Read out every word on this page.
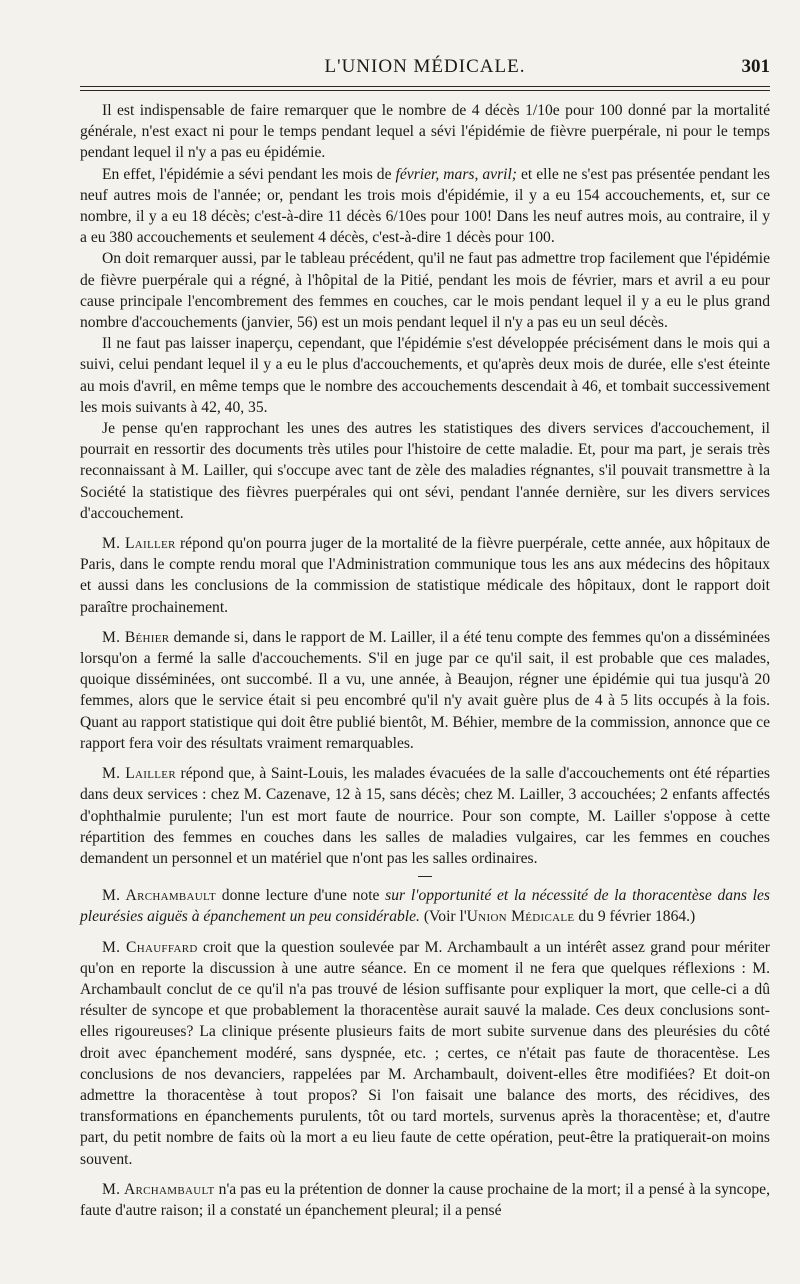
L'UNION MÉDICALE.	301

Il est indispensable de faire remarquer que le nombre de 4 décès 1/10e pour 100 donné par la mortalité générale, n'est exact ni pour le temps pendant lequel a sévi l'épidémie de fièvre puerpérale, ni pour le temps pendant lequel il n'y a pas eu épidémie.

En effet, l'épidémie a sévi pendant les mois de février, mars, avril; et elle ne s'est pas présentée pendant les neuf autres mois de l'année; or, pendant les trois mois d'épidémie, il y a eu 154 accouchements, et, sur ce nombre, il y a eu 18 décès; c'est-à-dire 11 décès 6/10es pour 100! Dans les neuf autres mois, au contraire, il y a eu 380 accouchements et seulement 4 décès, c'est-à-dire 1 décès pour 100.

On doit remarquer aussi, par le tableau précédent, qu'il ne faut pas admettre trop facilement que l'épidémie de fièvre puerpérale qui a régné, à l'hôpital de la Pitié, pendant les mois de février, mars et avril a eu pour cause principale l'encombrement des femmes en couches, car le mois pendant lequel il y a eu le plus grand nombre d'accouchements (janvier, 56) est un mois pendant lequel il n'y a pas eu un seul décès.

Il ne faut pas laisser inaperçu, cependant, que l'épidémie s'est développée précisément dans le mois qui a suivi, celui pendant lequel il y a eu le plus d'accouchements, et qu'après deux mois de durée, elle s'est éteinte au mois d'avril, en même temps que le nombre des accouchements descendait à 46, et tombait successivement les mois suivants à 42, 40, 35.

Je pense qu'en rapprochant les unes des autres les statistiques des divers services d'accouchement, il pourrait en ressortir des documents très utiles pour l'histoire de cette maladie. Et, pour ma part, je serais très reconnaissant à M. Lailler, qui s'occupe avec tant de zèle des maladies régnantes, s'il pouvait transmettre à la Société la statistique des fièvres puerpérales qui ont sévi, pendant l'année dernière, sur les divers services d'accouchement.

M. Lailler répond qu'on pourra juger de la mortalité de la fièvre puerpérale, cette année, aux hôpitaux de Paris, dans le compte rendu moral que l'Administration communique tous les ans aux médecins des hôpitaux et aussi dans les conclusions de la commission de statistique médicale des hôpitaux, dont le rapport doit paraître prochainement.

M. Béhier demande si, dans le rapport de M. Lailler, il a été tenu compte des femmes qu'on a disséminées lorsqu'on a fermé la salle d'accouchements. S'il en juge par ce qu'il sait, il est probable que ces malades, quoique disséminées, ont succombé. Il a vu, une année, à Beaujon, régner une épidémie qui tua jusqu'à 20 femmes, alors que le service était si peu encombré qu'il n'y avait guère plus de 4 à 5 lits occupés à la fois. Quant au rapport statistique qui doit être publié bientôt, M. Béhier, membre de la commission, annonce que ce rapport fera voir des résultats vraiment remarquables.

M. Lailler répond que, à Saint-Louis, les malades évacuées de la salle d'accouchements ont été réparties dans deux services : chez M. Cazenave, 12 à 15, sans décès; chez M. Lailler, 3 accouchées; 2 enfants affectés d'ophthalmie purulente; l'un est mort faute de nourrice. Pour son compte, M. Lailler s'oppose à cette répartition des femmes en couches dans les salles de maladies vulgaires, car les femmes en couches demandent un personnel et un matériel que n'ont pas les salles ordinaires.

M. Archambault donne lecture d'une note sur l'opportunité et la nécessité de la thoracentèse dans les pleurésies aiguës à épanchement un peu considérable. (Voir l'Union Médicale du 9 février 1864.)

M. Chauffard croit que la question soulevée par M. Archambault a un intérêt assez grand pour mériter qu'on en reporte la discussion à une autre séance. En ce moment il ne fera que quelques réflexions : M. Archambault conclut de ce qu'il n'a pas trouvé de lésion suffisante pour expliquer la mort, que celle-ci a dû résulter de syncope et que probablement la thoracentèse aurait sauvé la malade. Ces deux conclusions sont-elles rigoureuses? La clinique présente plusieurs faits de mort subite survenue dans des pleurésies du côté droit avec épanchement modéré, sans dyspnée, etc. ; certes, ce n'était pas faute de thoracentèse. Les conclusions de nos devanciers, rappelées par M. Archambault, doivent-elles être modifiées? Et doit-on admettre la thoracentèse à tout propos? Si l'on faisait une balance des morts, des récidives, des transformations en épanchements purulents, tôt ou tard mortels, survenus après la thoracentèse; et, d'autre part, du petit nombre de faits où la mort a eu lieu faute de cette opération, peut-être la pratiquerait-on moins souvent.

M. Archambault n'a pas eu la prétention de donner la cause prochaine de la mort; il a pensé à la syncope, faute d'autre raison; il a constaté un épanchement pleural; il a pensé
